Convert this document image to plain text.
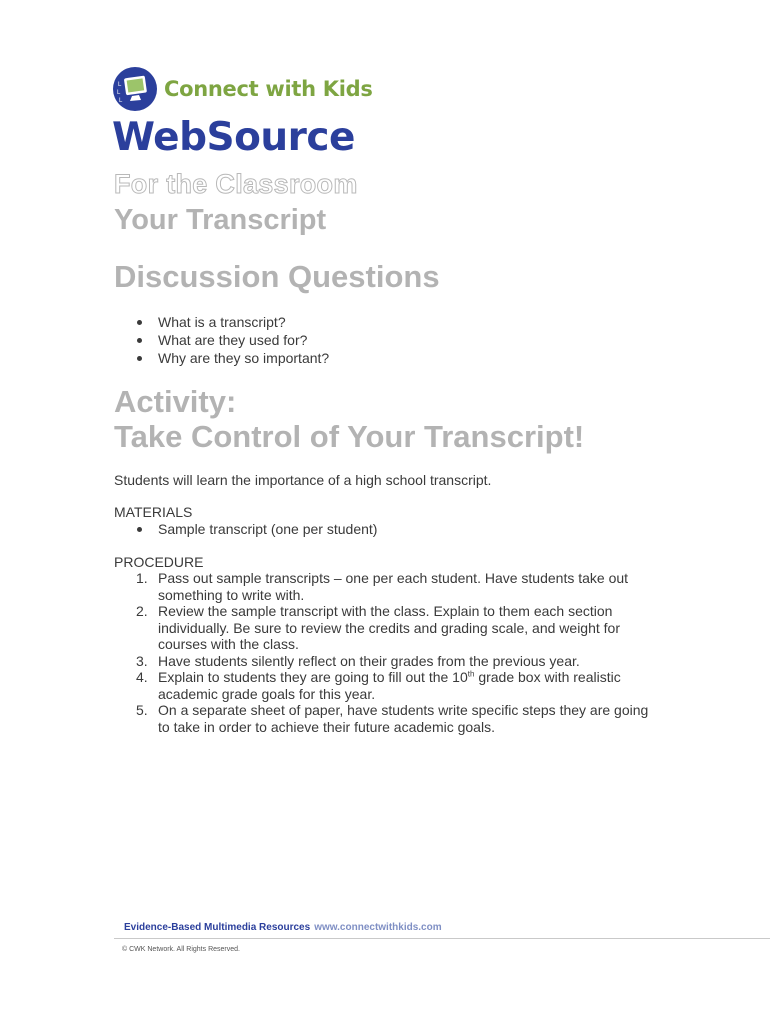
L
L
L
Connect with Kids
WebSource
For the Classroom
Your Transcript
Discussion Questions
What is a transcript?
What are they used for?
Why are they so important?
Activity:
Take Control of Your Transcript!
Students will learn the importance of a high school transcript.
MATERIALS
Sample transcript (one per student)
PROCEDURE
1. Pass out sample transcripts – one per each student. Have students take out
something to write with.
2. Review the sample transcript with the class. Explain to them each section
individually. Be sure to review the credits and grading scale, and weight for
courses with the class.
3. Have students silently reflect on their grades from the previous year.
4. Explain to students they are going to fill out the 10th grade box with realistic
academic grade goals for this year.
5. On a separate sheet of paper, have students write specific steps they are going
to take in order to achieve their future academic goals.
Evidence-Based Multimedia Resources www.connectwithkids.com
© CWK Network. All Rights Reserved.
